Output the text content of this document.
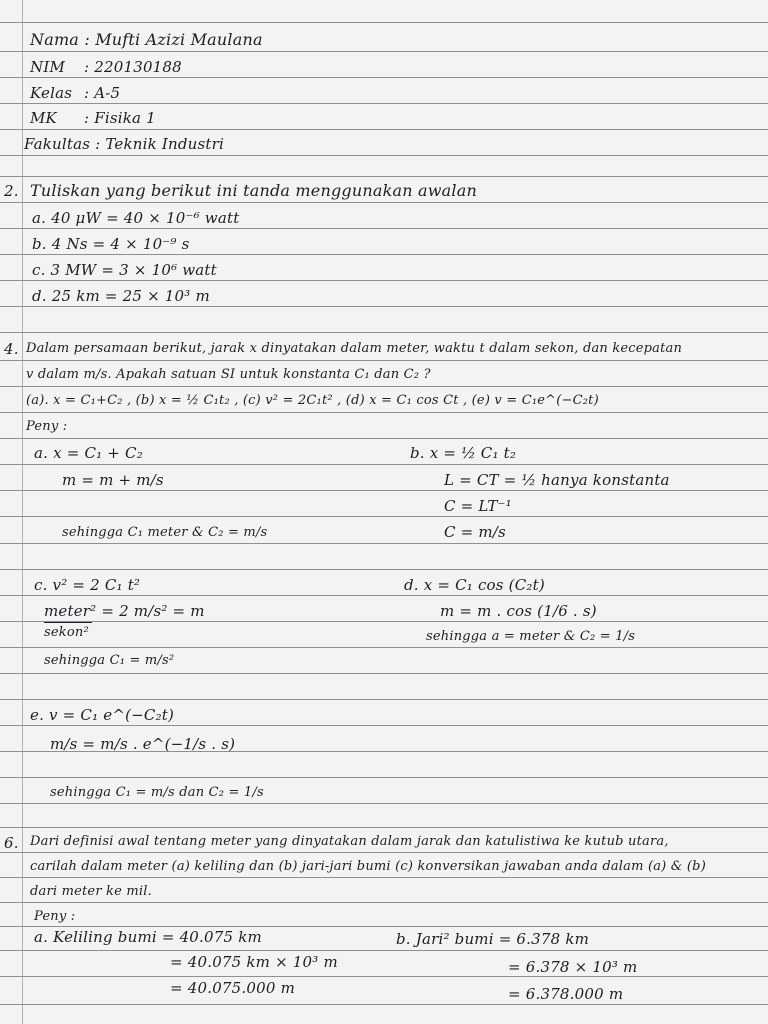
Nama : Mufti Azizi Maulana
NIM : 220130188
Kelas : A-5
MK : Fisika 1
Fakultas : Teknik Industri
2. Tuliskan yang berikut ini tanda menggunakan awalan
a. 40 μW = 40 × 10⁻⁶ watt
b. 4 Ns = 4 × 10⁻⁹ s
c. 3 MW = 3 × 10⁶ watt
d. 25 km = 25 × 10³ m
4. Dalam persamaan berikut, jarak x dinyatakan dalam meter, waktu t dalam sekon, dan kecepatan
v dalam m/s. Apakah satuan SI untuk konstanta C₁ dan C₂ ?
(a). x = C₁+C₂ , (b) x = ½ C₁t₂ , (c) v² = 2C₁t² , (d) x = C₁ cos Ct , (e) v = C₁e^(−C₂t)
Peny :
a. x = C₁ + C₂
m = m + m/s
sehingga C₁ meter & C₂ = m/s
b. x = ½ C₁ t₂
L = CT = ½ hanya konstanta
C = LT⁻¹
C = m/s
c. v² = 2 C₁ t²
meter² = 2 m/s² = m
sekon²
sehingga C₁ = m/s²
d. x = C₁ cos (C₂t)
m = m . cos (1/6 . s)
sehingga a = meter & C₂ = 1/s
e. v = C₁ e^(−C₂t)
m/s = m/s . e^(−1/s . s)
sehingga C₁ = m/s dan C₂ = 1/s
6. Dari definisi awal tentang meter yang dinyatakan dalam jarak dan katulistiwa ke kutub utara,
carilah dalam meter (a) keliling dan (b) jari-jari bumi (c) konversikan jawaban anda dalam (a) & (b)
dari meter ke mil.
Peny :
a. Keliling bumi = 40.075 km
= 40.075 km × 10³ m
= 40.075.000 m
b. Jari² bumi = 6.378 km
= 6.378 × 10³ m
= 6.378.000 m
